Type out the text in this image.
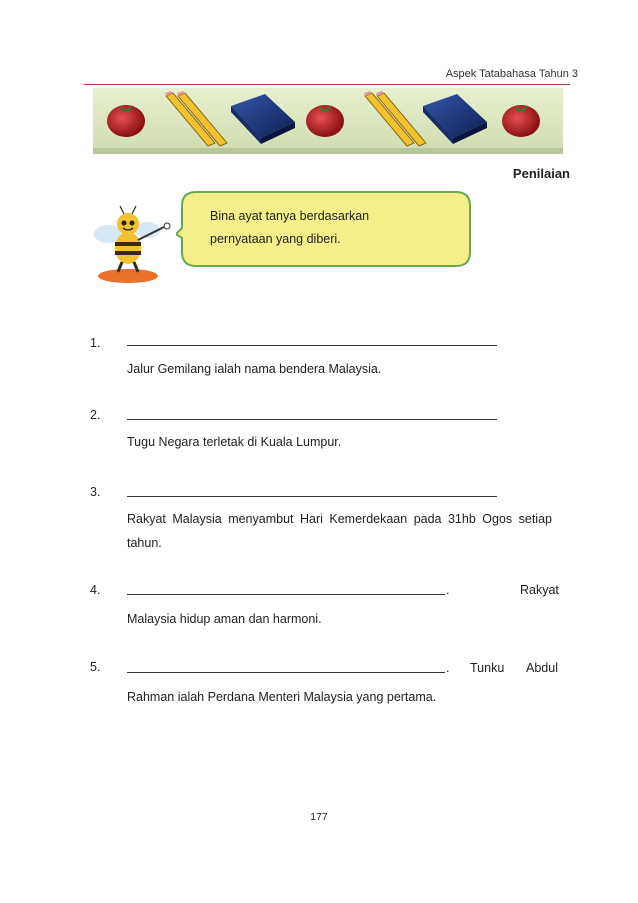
Aspek Tatabahasa Tahun 3
Penilaian
Bina ayat tanya berdasarkan
pernyataan yang diberi.
1.
Jalur Gemilang ialah nama bendera Malaysia.
2.
Tugu Negara terletak di Kuala Lumpur.
3.
Rakyat Malaysia menyambut Hari Kemerdekaan pada 31hb Ogos setiap
tahun.
4.	.	Rakyat
Malaysia hidup aman dan harmoni.
5.	. Tunku Abdul
Rahman ialah Perdana Menteri Malaysia yang pertama.
177
